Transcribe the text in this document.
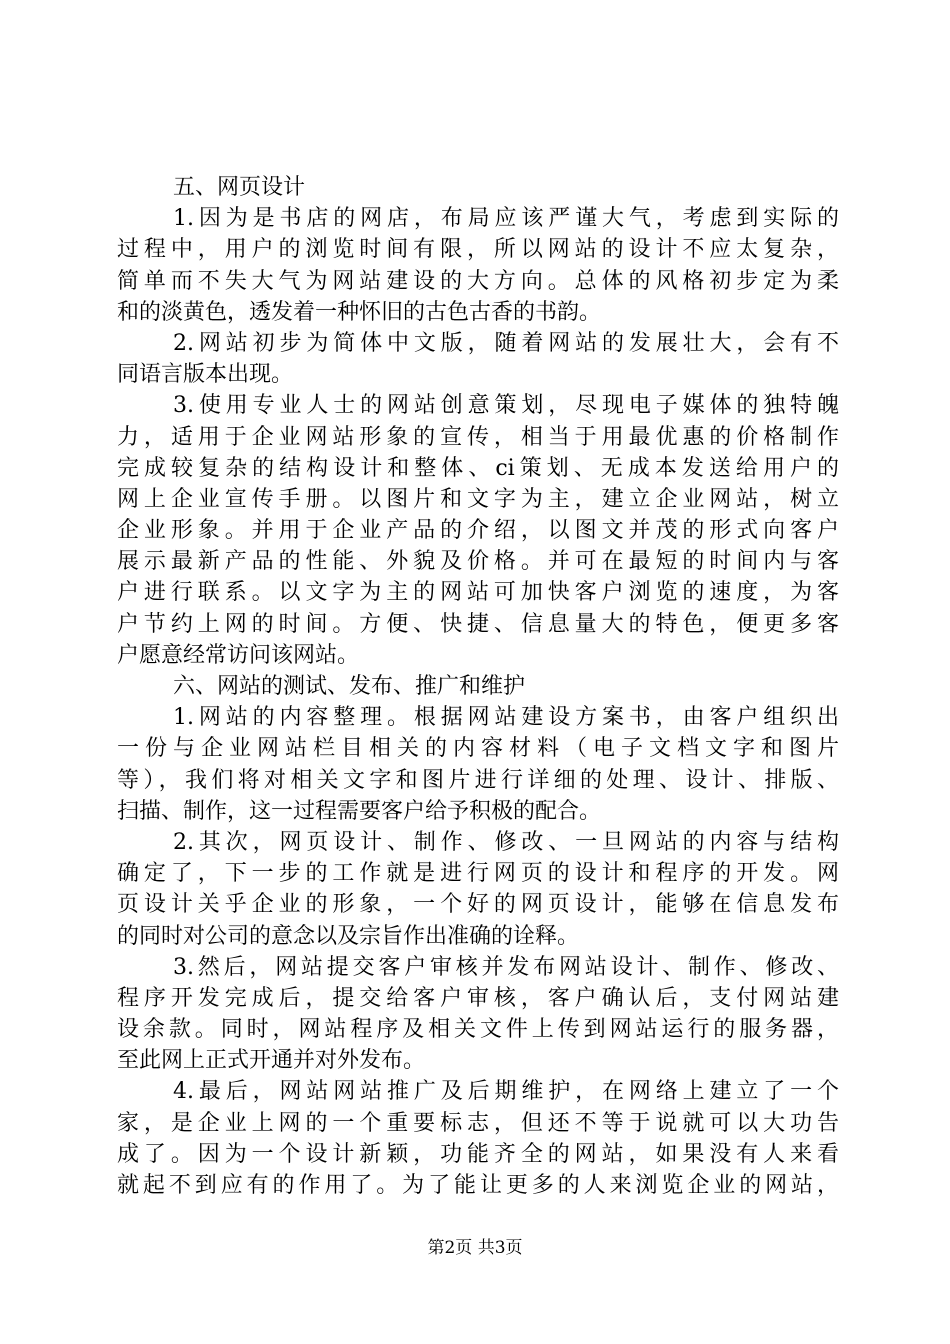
五、网页设计
1.因为是书店的网店，布局应该严谨大气，考虑到实际的
过程中，用户的浏览时间有限，所以网站的设计不应太复杂，
简单而不失大气为网站建设的大方向。总体的风格初步定为柔
和的淡黄色，透发着一种怀旧的古色古香的书韵。
2.网站初步为简体中文版，随着网站的发展壮大，会有不
同语言版本出现。
3.使用专业人士的网站创意策划，尽现电子媒体的独特魄
力，适用于企业网站形象的宣传，相当于用最优惠的价格制作
完成较复杂的结构设计和整体、ci策划、无成本发送给用户的
网上企业宣传手册。以图片和文字为主，建立企业网站，树立
企业形象。并用于企业产品的介绍，以图文并茂的形式向客户
展示最新产品的性能、外貌及价格。并可在最短的时间内与客
户进行联系。以文字为主的网站可加快客户浏览的速度，为客
户节约上网的时间。方便、快捷、信息量大的特色，便更多客
户愿意经常访问该网站。
六、网站的测试、发布、推广和维护
1.网站的内容整理。根据网站建设方案书，由客户组织出
一份与企业网站栏目相关的内容材料（电子文档文字和图片
等），我们将对相关文字和图片进行详细的处理、设计、排版、
扫描、制作，这一过程需要客户给予积极的配合。
2.其次，网页设计、制作、修改、一旦网站的内容与结构
确定了，下一步的工作就是进行网页的设计和程序的开发。网
页设计关乎企业的形象，一个好的网页设计，能够在信息发布
的同时对公司的意念以及宗旨作出准确的诠释。
3.然后，网站提交客户审核并发布网站设计、制作、修改、
程序开发完成后，提交给客户审核，客户确认后，支付网站建
设余款。同时，网站程序及相关文件上传到网站运行的服务器，
至此网上正式开通并对外发布。
4.最后，网站网站推广及后期维护，在网络上建立了一个
家，是企业上网的一个重要标志，但还不等于说就可以大功告
成了。因为一个设计新颖，功能齐全的网站，如果没有人来看
就起不到应有的作用了。为了能让更多的人来浏览企业的网站，
第2页 共3页
